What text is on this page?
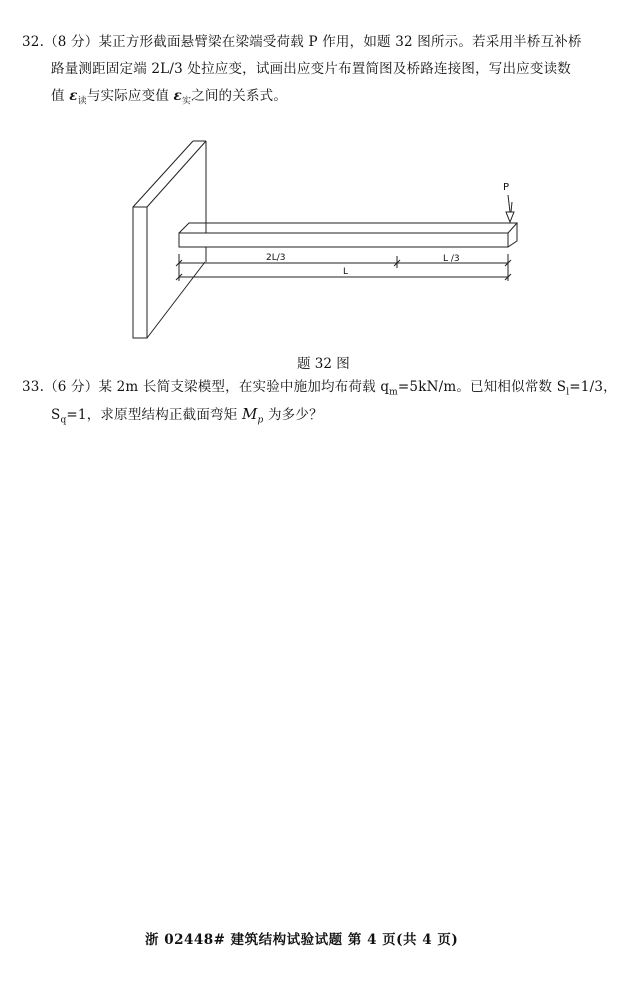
32.（8 分）某正方形截面悬臂梁在梁端受荷载 P 作用，如题 32 图所示。若采用半桥互补桥
路量测距固定端 2L/3 处拉应变，试画出应变片布置简图及桥路连接图，写出应变读数
值 $\varepsilon_读$与实际应变值 $\varepsilon_实$之间的关系式。
P
2L/3	L /3
L
题 32 图
33.（6 分）某 2m 长简支梁模型，在实验中施加均布荷载 $q_m=5kN/m$。已知相似常数 $S_l=1/3$，
$S_q=1$，求原型结构正截面弯矩 $M_p$ 为多少？
浙 02448# 建筑结构试验试题 第 4 页(共 4 页)
